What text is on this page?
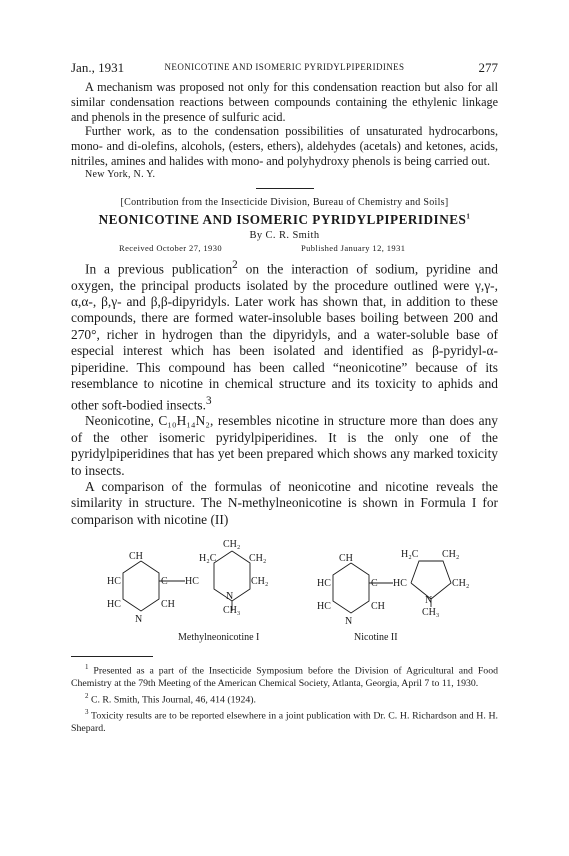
Jan., 1931	NEONICOTINE AND ISOMERIC PYRIDYLPIPERIDINES	277

A mechanism was proposed not only for this condensation reaction but also for all similar condensation reactions between compounds containing the ethylenic linkage and phenols in the presence of sulfuric acid.

Further work, as to the condensation possibilities of unsaturated hydrocarbons, mono- and di-olefins, alcohols, (esters, ethers), aldehydes (acetals) and ketones, acids, nitriles, amines and halides with mono- and polyhydroxy phenols is being carried out.

New York, N. Y.

[Contribution from the Insecticide Division, Bureau of Chemistry and Soils]

NEONICOTINE AND ISOMERIC PYRIDYLPIPERIDINES$^1$

By C. R. Smith

Received October 27, 1930	Published January 12, 1931

In a previous publication$^2$ on the interaction of sodium, pyridine and oxygen, the principal products isolated by the procedure outlined were γ,γ-, α,α-, β,γ- and β,β-dipyridyls. Later work has shown that, in addition to these compounds, there are formed water-insoluble bases boiling between 200 and 270°, richer in hydrogen than the dipyridyls, and a water-soluble base of especial interest which has been isolated and identified as β-pyridyl-α-piperidine. This compound has been called “neonicotine” because of its resemblance to nicotine in chemical structure and its toxicity to aphids and other soft-bodied insects.$^3$

Neonicotine, C₁₀H₁₄N₂, resembles nicotine in structure more than does any of the other isomeric pyridylpiperidines. It is the only one of the pyridylpiperidines that has yet been prepared which shows any marked toxicity to insects.

A comparison of the formulas of neonicotine and nicotine reveals the similarity in structure. The N-methylneonicotine is shown in Formula I for comparison with nicotine (II)

CH₂
CH	H₂C	CH₂
HC	C HC	CH₂
N
HC	CH
CH₃
N
Methylneonicotine I
CH	H₂C CH₂
HC	C HC	CH₂
N
HC	CH
CH₃
N
Nicotine II

$^1$ Presented as a part of the Insecticide Symposium before the Division of Agricultural and Food Chemistry at the 79th Meeting of the American Chemical Society, Atlanta, Georgia, April 7 to 11, 1930.

$^2$ C. R. Smith, This Journal, 46, 414 (1924).

$^3$ Toxicity results are to be reported elsewhere in a joint publication with Dr. C. H. Richardson and H. H. Shepard.
